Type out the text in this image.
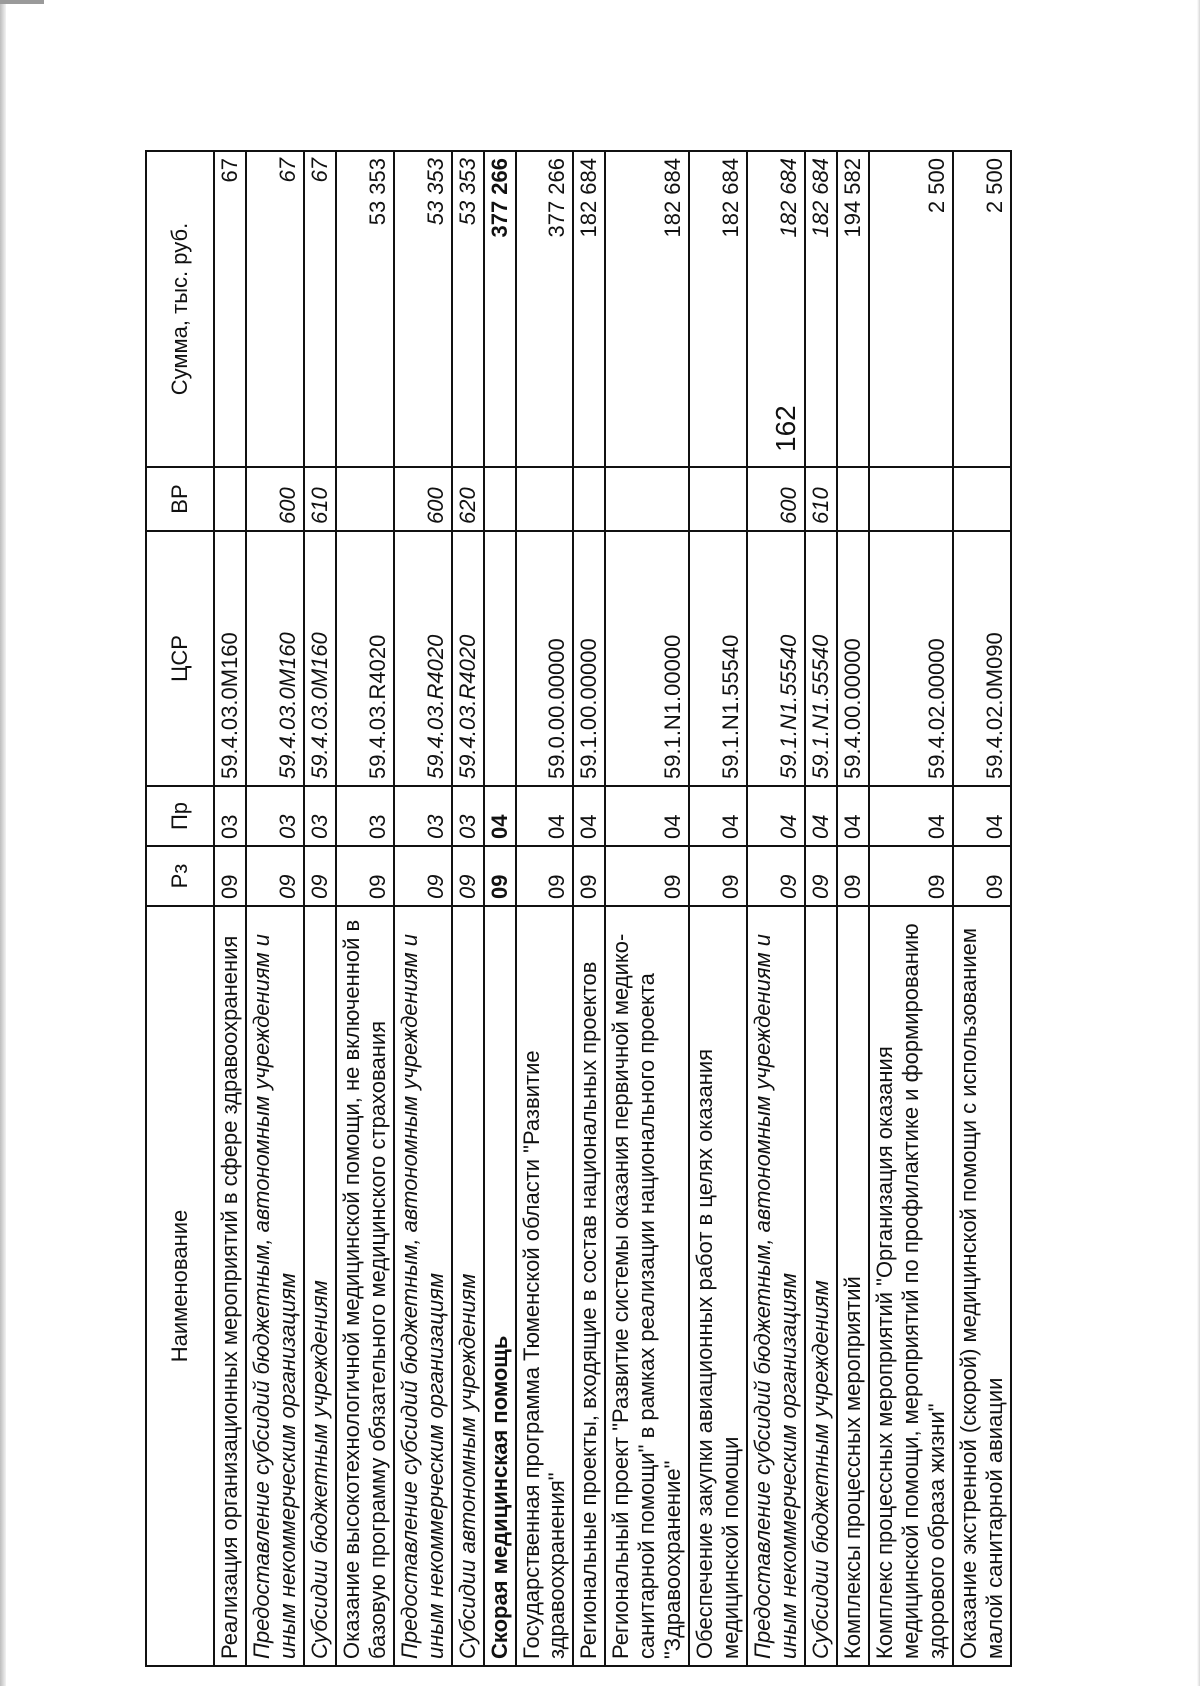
162
Наименование	Рз	Пр	ЦСР	ВР	Сумма, тыс. руб.
Реализация организационных мероприятий в сфере здравоохранения	09	03	59.4.03.0М160		67
Предоставление субсидий бюджетным, автономным учреждениям и иным некоммерческим организациям	09	03	59.4.03.0М160	600	67
Субсидии бюджетным учреждениям	09	03	59.4.03.0М160	610	67
Оказание высокотехнологичной медицинской помощи, не включенной в базовую программу обязательного медицинского страхования	09	03	59.4.03.R4020		53 353
Предоставление субсидий бюджетным, автономным учреждениям и иным некоммерческим организациям	09	03	59.4.03.R4020	600	53 353
Субсидии автономным учреждениям	09	03	59.4.03.R4020	620	53 353
Скорая медицинская помощь	09	04			377 266
Государственная программа Тюменской области "Развитие здравоохранения"	09	04	59.0.00.00000		377 266
Региональные проекты, входящие в состав национальных проектов	09	04	59.1.00.00000		182 684
Региональный проект "Развитие системы оказания первичной медико-санитарной помощи" в рамках реализации национального проекта "Здравоохранение"	09	04	59.1.N1.00000		182 684
Обеспечение закупки авиационных работ в целях оказания медицинской помощи	09	04	59.1.N1.55540		182 684
Предоставление субсидий бюджетным, автономным учреждениям и иным некоммерческим организациям	09	04	59.1.N1.55540	600	182 684
Субсидии бюджетным учреждениям	09	04	59.1.N1.55540	610	182 684
Комплексы процессных мероприятий	09	04	59.4.00.00000		194 582
Комплекс процессных мероприятий "Организация оказания медицинской помощи, мероприятий по профилактике и формированию здорового образа жизни"	09	04	59.4.02.00000		2 500
Оказание экстренной (скорой) медицинской помощи с использованием малой санитарной авиации	09	04	59.4.02.0М090		2 500
